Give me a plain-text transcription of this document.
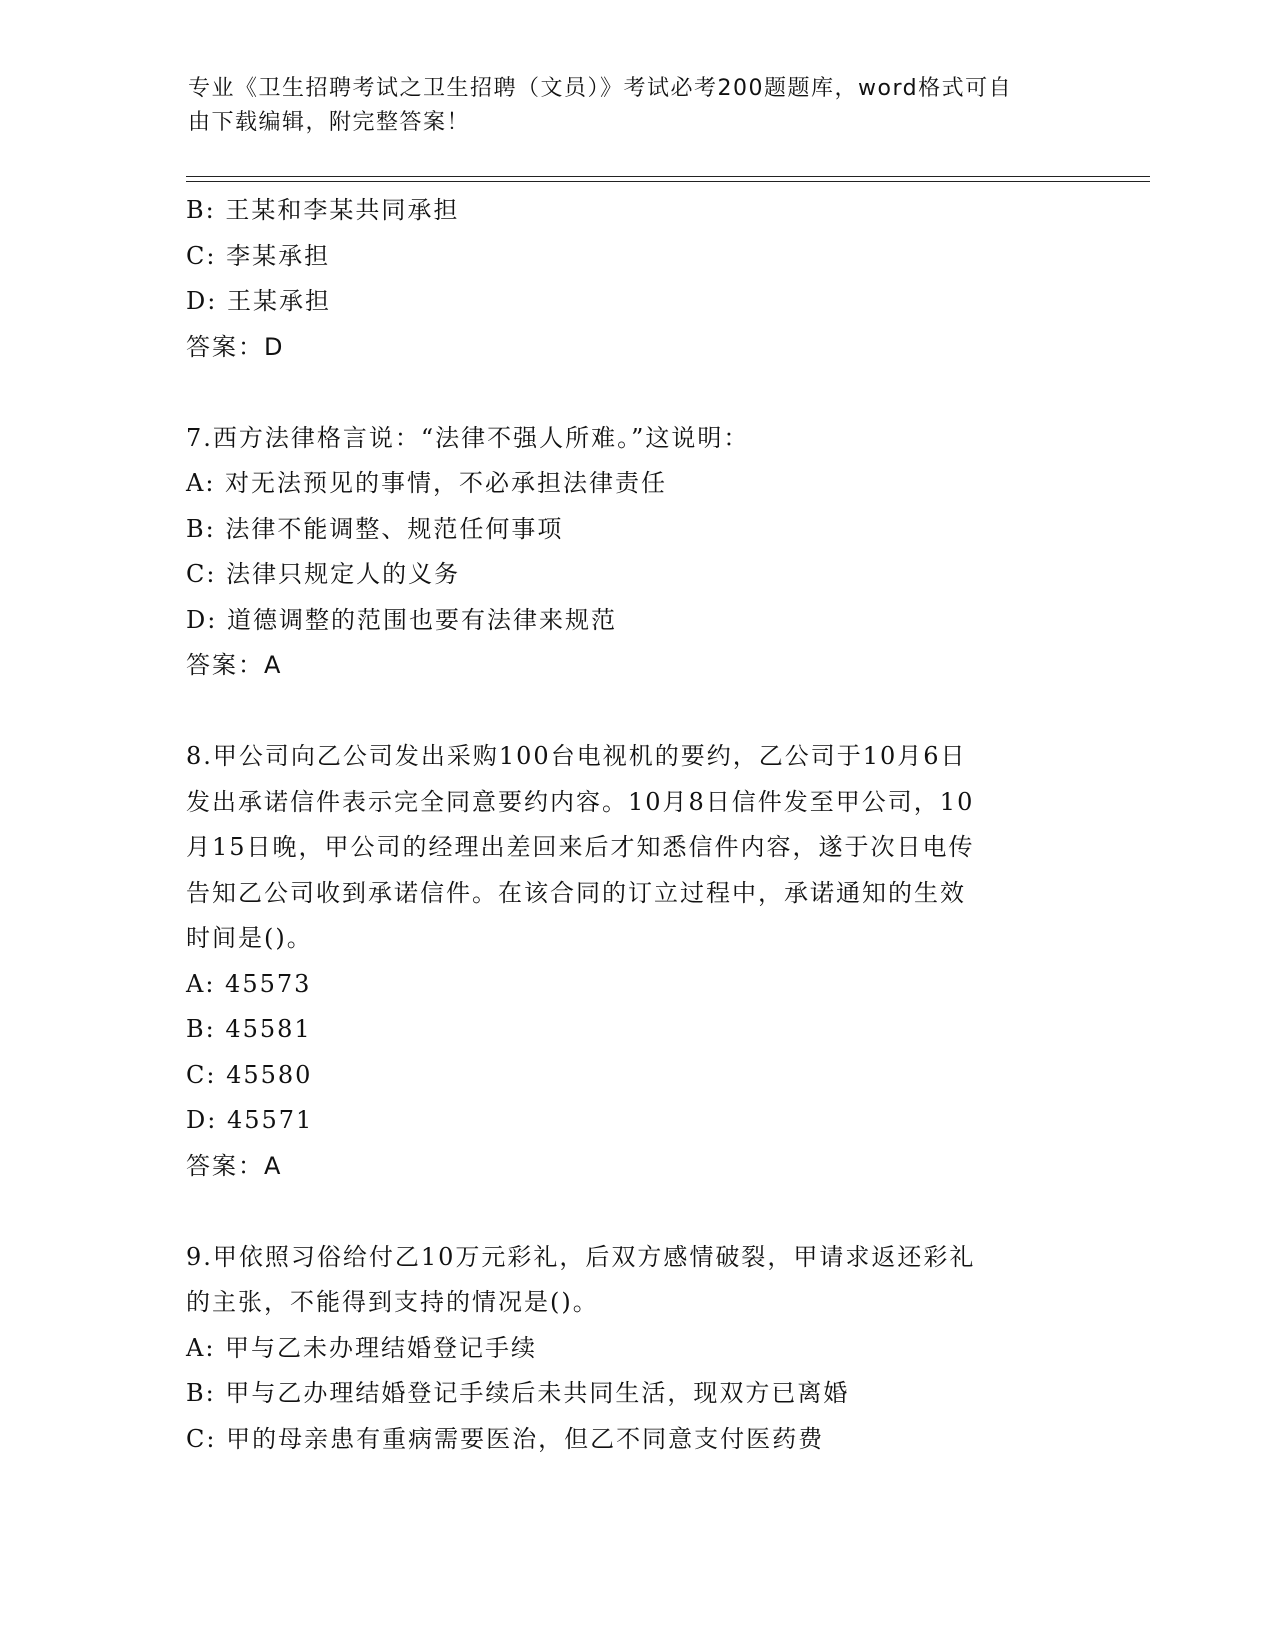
专业《卫生招聘考试之卫生招聘（文员）》考试必考200题题库，word格式可自
由下载编辑，附完整答案！
B: 王某和李某共同承担
C: 李某承担
D: 王某承担
答案：D
7.西方法律格言说：“法律不强人所难。”这说明：
A: 对无法预见的事情，不必承担法律责任
B: 法律不能调整、规范任何事项
C: 法律只规定人的义务
D: 道德调整的范围也要有法律来规范
答案：A
8.甲公司向乙公司发出采购100台电视机的要约，乙公司于10月6日
发出承诺信件表示完全同意要约内容。10月8日信件发至甲公司，10
月15日晚，甲公司的经理出差回来后才知悉信件内容，遂于次日电传
告知乙公司收到承诺信件。在该合同的订立过程中，承诺通知的生效
时间是()。
A: 45573
B: 45581
C: 45580
D: 45571
答案：A
9.甲依照习俗给付乙10万元彩礼，后双方感情破裂，甲请求返还彩礼
的主张，不能得到支持的情况是()。
A: 甲与乙未办理结婚登记手续
B: 甲与乙办理结婚登记手续后未共同生活，现双方已离婚
C: 甲的母亲患有重病需要医治，但乙不同意支付医药费
